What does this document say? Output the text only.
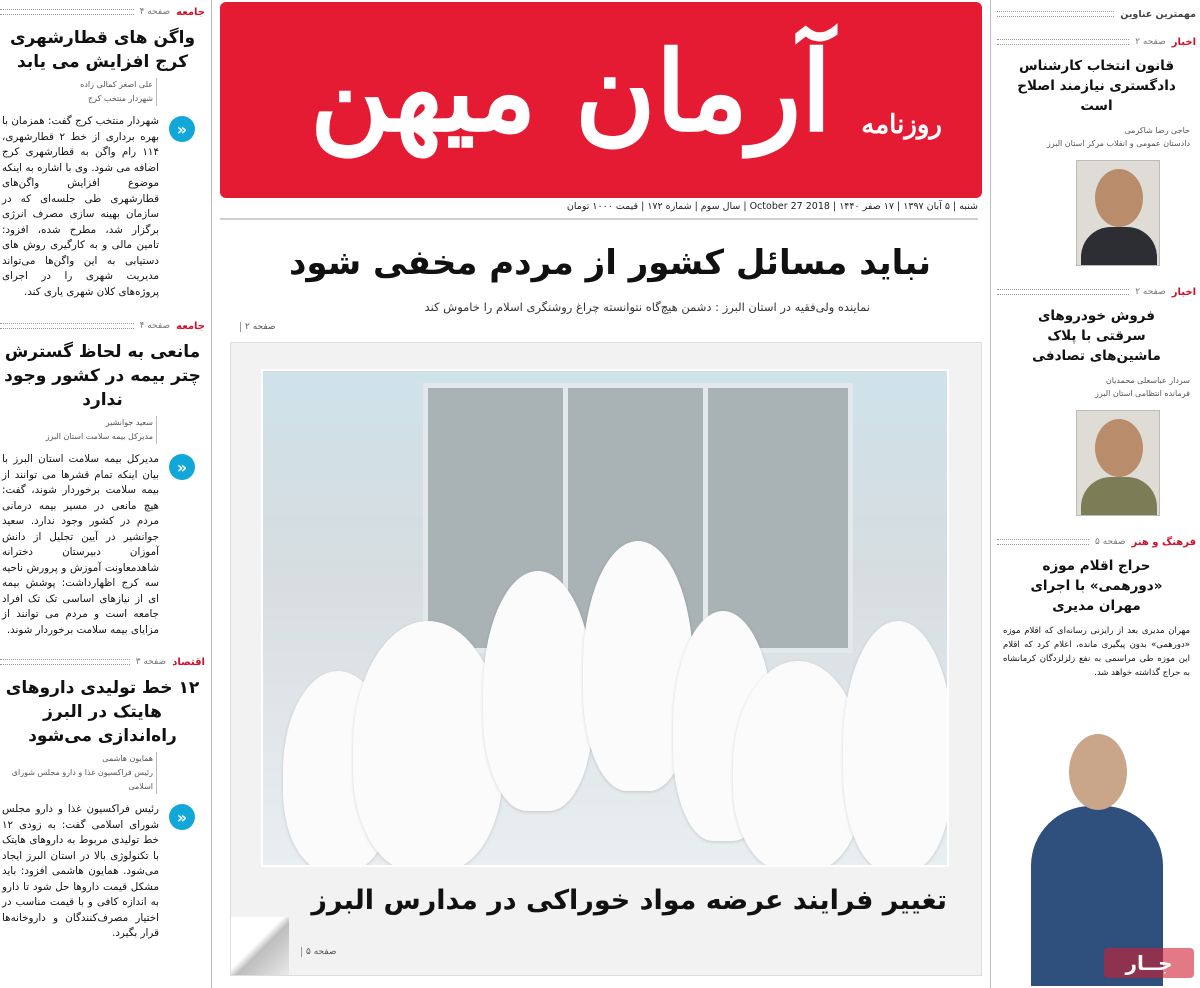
جامعه
صفحه ۴
واگن های قطارشهری کرج افزایش می یابد
علی اصغر کمالی زاده
شهردار منتخب کرج
«
شهردار منتخب کرج گفت: همزمان با بهره برداری از خط ۲ قطارشهری، ۱۱۴ رام واگن به قطارشهری کرج اضافه می شود. وی با اشاره به اینکه موضوع افزایش واگن‌های قطارشهری طی جلسه‌ای که در سازمان بهینه سازی مصرف انرژی برگزار شد، مطرح شده، افزود: تامین مالی و به کارگیری روش های دستیابی به این واگن‌ها می‌تواند مدیریت شهری را در اجرای پروژه‌های کلان شهری یاری کند.
جامعه
صفحه ۴
مانعی به لحاظ گسترش چتر بیمه در کشور وجود ندارد
سعید جوانشیر
مدیرکل بیمه سلامت استان البرز
«
مدیرکل بیمه سلامت استان البرز با بیان اینکه تمام قشرها می توانند از بیمه سلامت برخوردار شوند، گفت: هیچ مانعی در مسیر بیمه درمانی مردم در کشور وجود ندارد. سعید جوانشیر در آیین تجلیل از دانش آموزان دبیرستان دخترانه شاهدمعاونت آموزش و پرورش ناحیه سه کرج اظهارداشت: پوشش بیمه ای از نیازهای اساسی تک تک افراد جامعه است و مردم می توانند از مزایای بیمه سلامت برخوردار شوند.
اقتصاد
صفحه ۳
۱۲ خط تولیدی داروهای هایتک در البرز راه‌اندازی می‌شود
همایون هاشمی
رئیس فراکسیون غذا و دارو مجلس شورای اسلامی
«
رئیس فراکسیون غذا و دارو مجلس شورای اسلامی گفت: به زودی ۱۲ خط تولیدی مربوط به داروهای هایتک با تکنولوژی بالا در استان البرز ایجاد می‌شود. همایون هاشمی افزود: باید مشکل قیمت داروها حل شود تا دارو به اندازه کافی و با قیمت مناسب در اختیار مصرف‌کنندگان و داروخانه‌ها قرار بگیرد.
آرمان میهن روزنامه
شنبه | ۵ آبان ۱۳۹۷ | ۱۷ صفر ۱۴۴۰ | 2018 October 27 | سال سوم | شماره ۱۷۲ | قیمت ۱۰۰۰ تومان
نباید مسائل کشور از مردم مخفی شود
نماینده ولی‌فقیه در استان البرز : دشمن هیچ‌گاه نتوانسته چراغ روشنگری اسلام را خاموش کند
صفحه ۲
تغییر فرایند عرضه مواد خوراکی در مدارس البرز
صفحه ۵
مهمترین عناوین
اخبار
صفحه ۲
قانون انتخاب کارشناس دادگستری نیازمند اصلاح است
حاجی رضا شاکرمی
دادستان عمومی و انقلاب مرکز استان البرز
اخبار
صفحه ۲
فروش خودروهای سرقتی با پلاک ماشین‌های تصادفی
سردار عباسعلی محمدیان
فرمانده انتظامی استان البرز
فرهنگ و هنر
صفحه ۵
حراج اقلام موزه «دورهمی» با اجرای مهران مدیری
مهران مدیری بعد از رایزنی رسانه‌ای که اقلام موزه «دورهمی» بدون پیگیری مانده، اعلام کرد که اقلام این موزه طی مراسمی به نفع زلزلزدگان کرمانشاه به حراج گذاشته خواهد شد.
جــار
